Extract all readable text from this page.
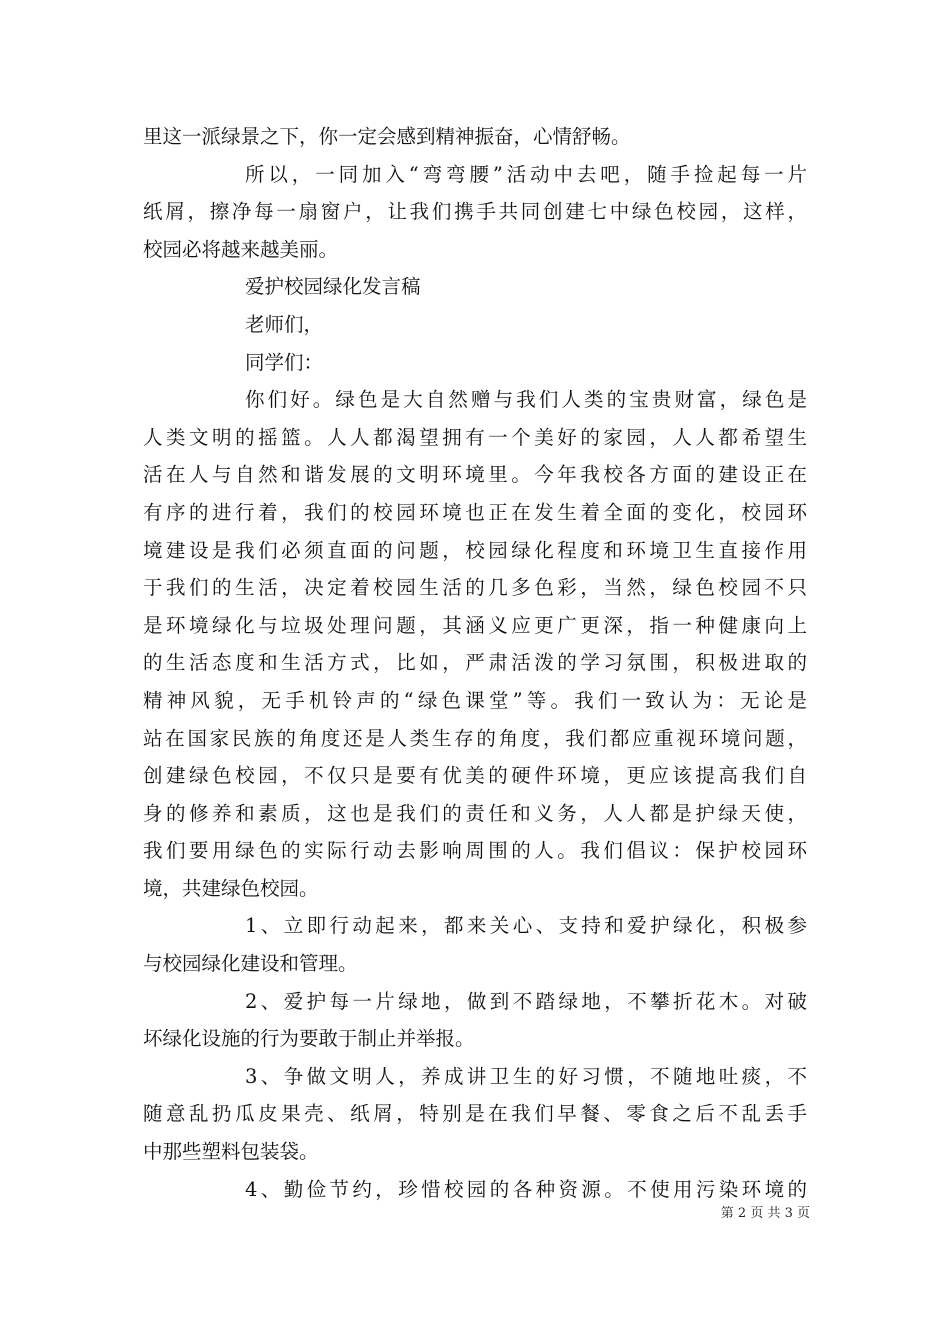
里这一派绿景之下，你一定会感到精神振奋，心情舒畅。
所以，一同加入“弯弯腰”活动中去吧，随手捡起每一片
纸屑，擦净每一扇窗户，让我们携手共同创建七中绿色校园，这样，
校园必将越来越美丽。
爱护校园绿化发言稿
老师们，
同学们：
你们好。绿色是大自然赠与我们人类的宝贵财富，绿色是
人类文明的摇篮。人人都渴望拥有一个美好的家园，人人都希望生
活在人与自然和谐发展的文明环境里。今年我校各方面的建设正在
有序的进行着，我们的校园环境也正在发生着全面的变化，校园环
境建设是我们必须直面的问题，校园绿化程度和环境卫生直接作用
于我们的生活，决定着校园生活的几多色彩，当然，绿色校园不只
是环境绿化与垃圾处理问题，其涵义应更广更深，指一种健康向上
的生活态度和生活方式，比如，严肃活泼的学习氛围，积极进取的
精神风貌，无手机铃声的“绿色课堂”等。我们一致认为：无论是
站在国家民族的角度还是人类生存的角度，我们都应重视环境问题，
创建绿色校园，不仅只是要有优美的硬件环境，更应该提高我们自
身的修养和素质，这也是我们的责任和义务，人人都是护绿天使，
我们要用绿色的实际行动去影响周围的人。我们倡议：保护校园环
境，共建绿色校园。
1、立即行动起来，都来关心、支持和爱护绿化，积极参
与校园绿化建设和管理。
2、爱护每一片绿地，做到不踏绿地，不攀折花木。对破
坏绿化设施的行为要敢于制止并举报。
3、争做文明人，养成讲卫生的好习惯，不随地吐痰，不
随意乱扔瓜皮果壳、纸屑，特别是在我们早餐、零食之后不乱丢手
中那些塑料包装袋。
4、勤俭节约，珍惜校园的各种资源。不使用污染环境的
第 2 页 共 3 页
